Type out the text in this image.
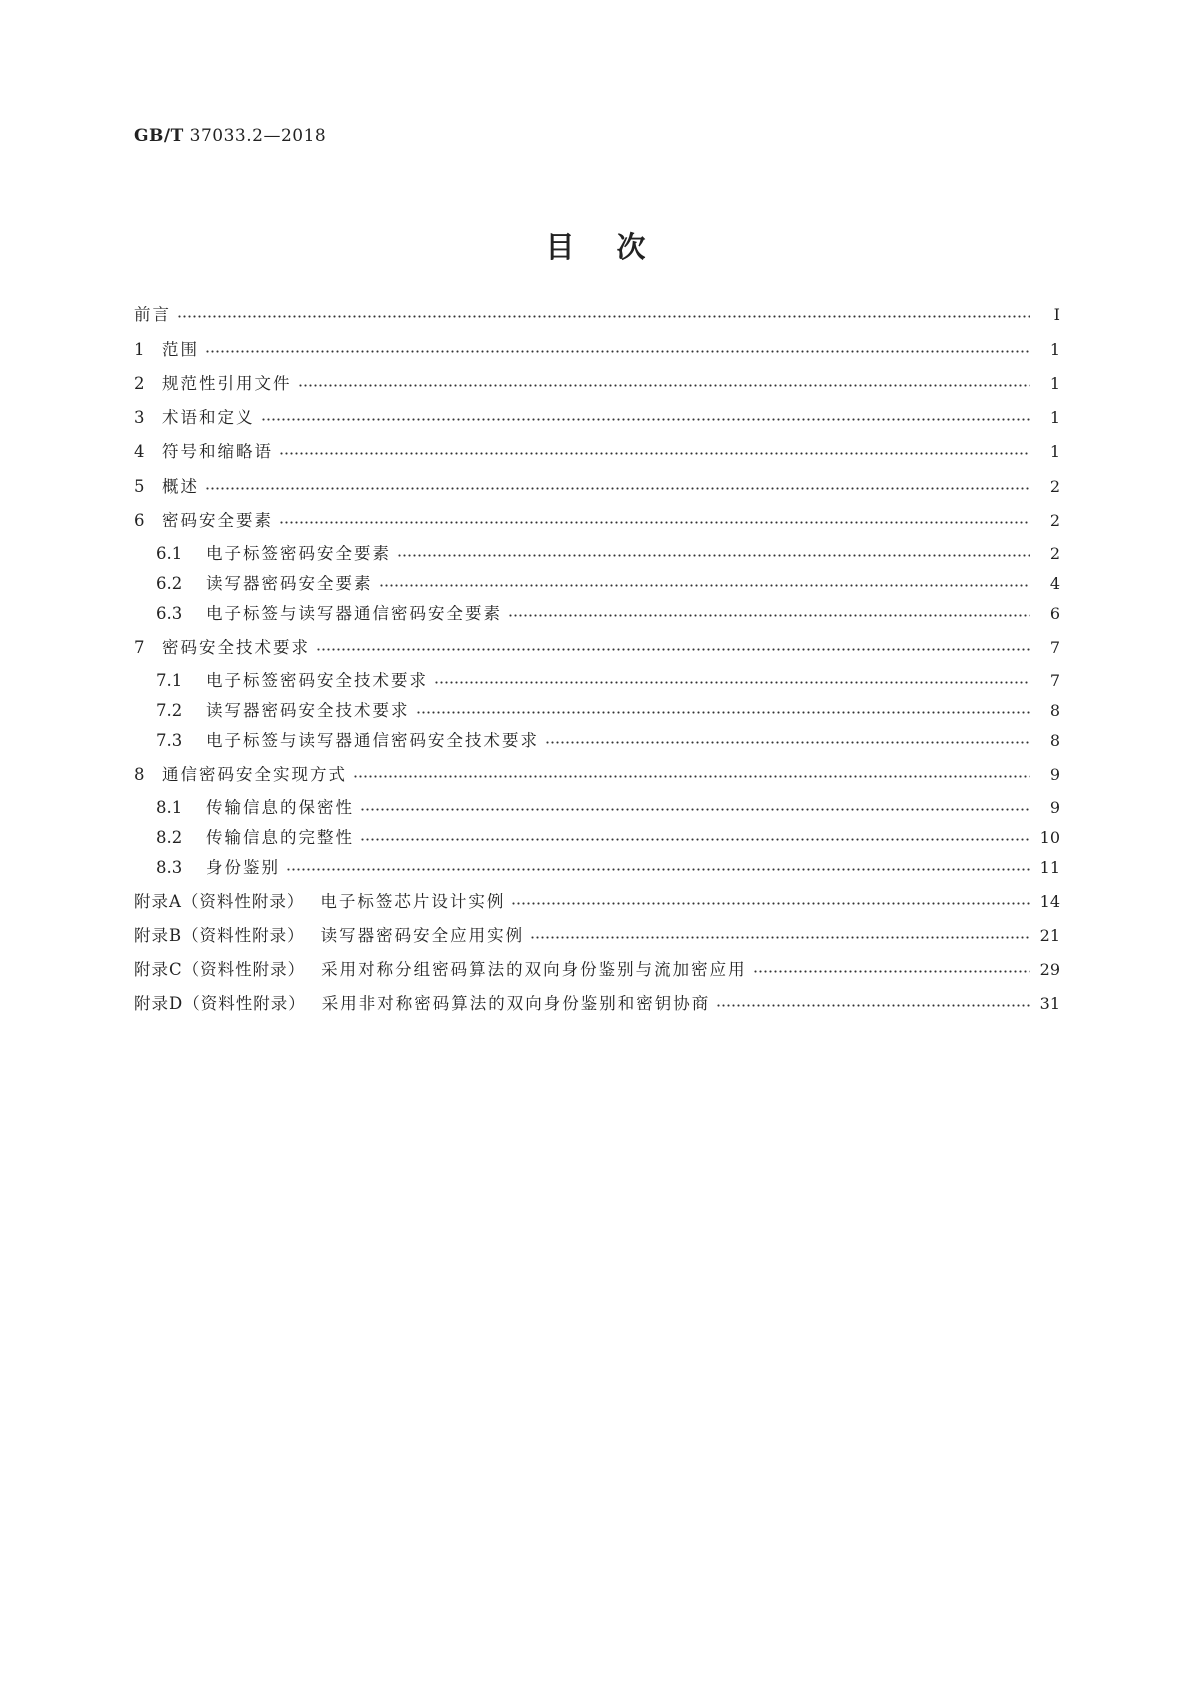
GB/T 37033.2—2018
目次
前言	Ⅰ
1	范围	1
2	规范性引用文件	1
3	术语和定义	1
4	符号和缩略语	1
5	概述	2
6	密码安全要素	2
6.1	电子标签密码安全要素	2
6.2	读写器密码安全要素	4
6.3	电子标签与读写器通信密码安全要素	6
7	密码安全技术要求	7
7.1	电子标签密码安全技术要求	7
7.2	读写器密码安全技术要求	8
7.3	电子标签与读写器通信密码安全技术要求	8
8	通信密码安全实现方式	9
8.1	传输信息的保密性	9
8.2	传输信息的完整性	10
8.3	身份鉴别	11
附录A（资料性附录） 电子标签芯片设计实例	14
附录B（资料性附录） 读写器密码安全应用实例	21
附录C（资料性附录） 采用对称分组密码算法的双向身份鉴别与流加密应用	29
附录D（资料性附录） 采用非对称密码算法的双向身份鉴别和密钥协商	31
